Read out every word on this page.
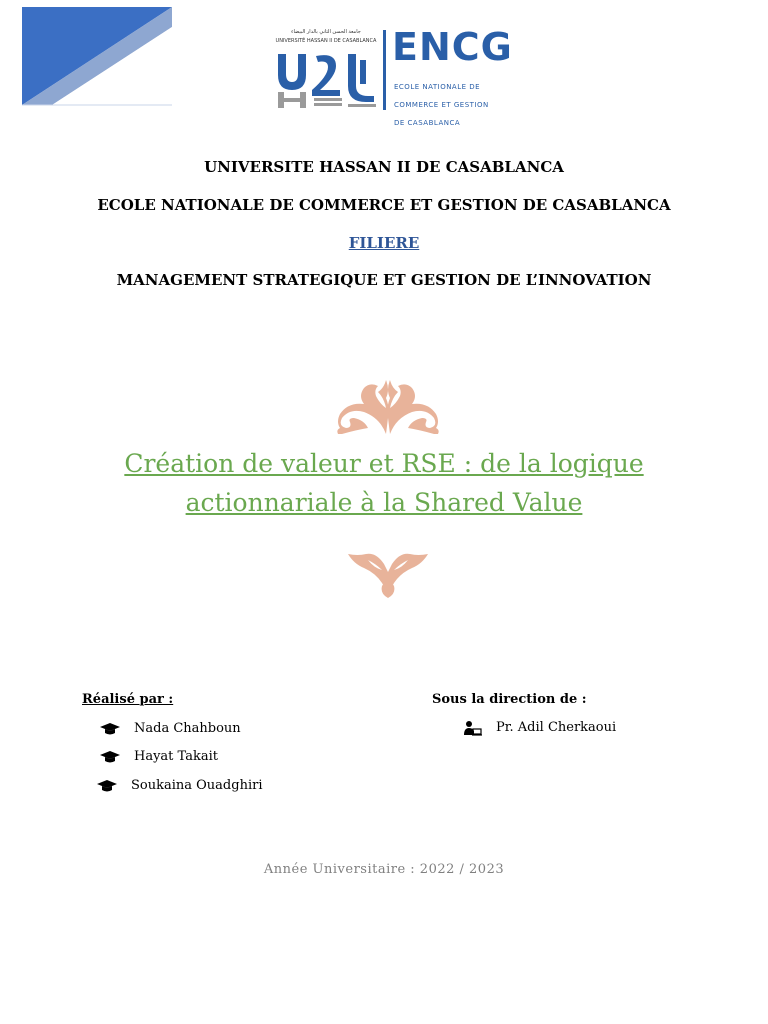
جامعة الحسن الثاني بالدار البيضاء
UNIVERSITÉ HASSAN II DE CASABLANCA ENCG

ECOLE NATIONALE DE

COMMERCE ET GESTION

DE CASABLANCA

UNIVERSITE HASSAN II DE CASABLANCA
ECOLE NATIONALE DE COMMERCE ET GESTION DE CASABLANCA
FILIERE
MANAGEMENT STRATEGIQUE ET GESTION DE L’INNOVATION
Création de valeur et RSE : de la logique
actionnariale à la Shared Value
Réalisé par :
Nada Chahboun
Hayat Takait
Soukaina Ouadghiri
Sous la direction de :
Pr. Adil Cherkaoui
Année Universitaire : 2022 / 2023
